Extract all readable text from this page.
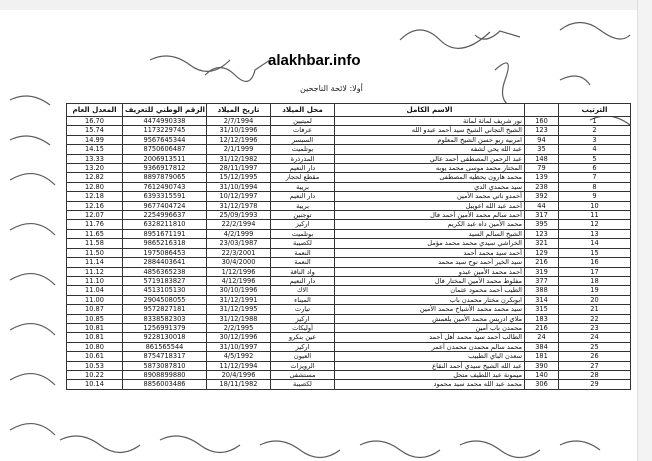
alakhbar.info
أولا: لائحة الناجحين
المعدل العام	الرقم الوطني للتعريف	تاريخ الميلاد	محل الميلاد	الاسم الكامل		الترتيب
16.70	4474990338	2/7/1994	لميتيين	نور شريف لماثة لماثة	160	1
15.74	1173229745	31/10/1996	عرفات	الشيخ التجاني الشيخ سيد أحمد عبدو الله	123	2
14.99	9567645344	12/12/1996	السبسر	امربيه ربو حسن الشيخ المعلوم	94	3
14.15	8750606487	2/1/1999	بوتلميت	عبد الله يحي لشفه	35	4
13.33	2006913511	31/12/1982	المذرذرة	عبد الرحمن المصطفى أحمد عالي	148	5
13.20	9366917812	28/11/1997	دار النعيم	المختار محمد موسى محمد يوبه	79	6
12.82	8897879065	15/12/1995	مقطع لحجار	محمد هارون يحظيه المصطفى	139	7
12.80	7612490743	31/10/1994	بريية	سيد محمدي الدي	238	8
12.18	6393315591	10/12/1997	دار النعيم	أحمدو ناتي محمد الأمين	392	9
12.16	9677404724	31/12/1978	بريية	أحمد عبد الله اعويبل	44	10
12.07	2254996637	25/09/1993	توجنين	أحمد سالم محمد الأمين أحمد فال	317	11
11.76	6328211810	22/2/1994	اركيز	محمد الأمين داه عبد الكريم	395	12
11.65	8951671191	4/2/1999	بوتلميت	الشيخ السالم السيد	123	13
11.58	9865216318	23/03/1987	لكصيبة	الخراشي سيدي محمد محمد مؤمل	321	14
11.50	1975086453	22/3/2001	النعمة	أحمد سيد محمد أحمد	129	15
11.14	2884403641	30/4/2000	النعمة	سيد الخير أحمد نوح سيد محمد	216	16
11.12	4856365238	1/12/1996	واد الناقة	أحمد محمد الأمين عبدو	319	17
11.10	5719183827	4/12/1996	دار النعيم	مفلوط محمد الأمين المختار فال	377	18
11.04	4513105130	30/10/1996	الاك	الطيب أحمد محمود عثمان	388	19
11.00	2904508055	31/12/1991	الميناء	ابوبكرن مختار محمدن باب	314	20
10.87	9572827181	31/12/1995	تيارت	سيد محمد محمد الأشياخ محمد الأمين	315	21
10.85	8338582303	31/12/1988	اركيز	ملاي ادريس محمد الأمين بلعمش	183	22
10.81	1256991379	2/2/1995	أوليكات	محمدن باب أمين	216	23
10.81	9228130018	30/12/1996	عين بنكرو	الطالب أحمد سيد محمد أهل أحمد	24	24
10.80	861565544	31/10/1997	اركيز	محمد سالم محمدن محمدن أعمر	384	25
10.61	8754718317	4/5/1992	العيون	سعدن الباي الطبيب	181	26
10.53	5873087810	11/12/1994	الرويزات	عبد الله الشيخ سيدي أحمد النقاع	390	27
10.22	8908899880	20/4/1996	مستشفى	ميمونة عبد اللطيف متحل	140	28
10.14	8856003486	18/11/1982	لكصيبة	محمد عبد الله محمد سيد محمود	306	29
